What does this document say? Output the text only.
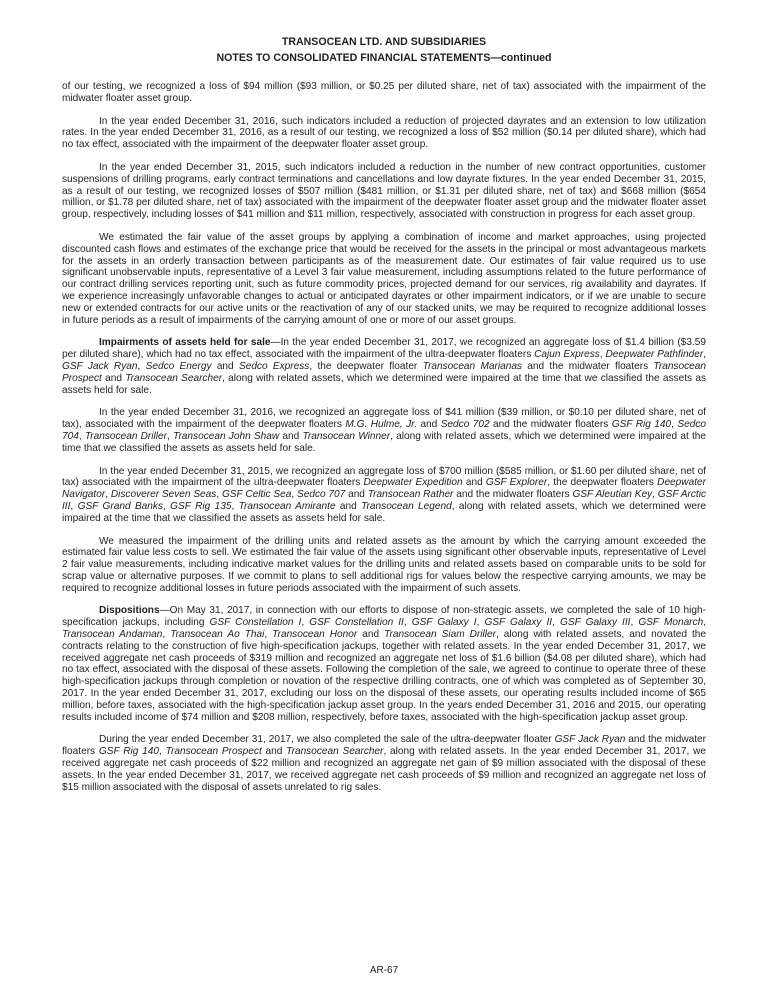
TRANSOCEAN LTD. AND SUBSIDIARIES
NOTES TO CONSOLIDATED FINANCIAL STATEMENTS—continued

of our testing, we recognized a loss of $94 million ($93 million, or $0.25 per diluted share, net of tax) associated with the impairment of the midwater floater asset group.

In the year ended December 31, 2016, such indicators included a reduction of projected dayrates and an extension to low utilization rates. In the year ended December 31, 2016, as a result of our testing, we recognized a loss of $52 million ($0.14 per diluted share), which had no tax effect, associated with the impairment of the deepwater floater asset group.

In the year ended December 31, 2015, such indicators included a reduction in the number of new contract opportunities, customer suspensions of drilling programs, early contract terminations and cancellations and low dayrate fixtures. In the year ended December 31, 2015, as a result of our testing, we recognized losses of $507 million ($481 million, or $1.31 per diluted share, net of tax) and $668 million ($654 million, or $1.78 per diluted share, net of tax) associated with the impairment of the deepwater floater asset group and the midwater floater asset group, respectively, including losses of $41 million and $11 million, respectively, associated with construction in progress for each asset group.

We estimated the fair value of the asset groups by applying a combination of income and market approaches, using projected discounted cash flows and estimates of the exchange price that would be received for the assets in the principal or most advantageous markets for the assets in an orderly transaction between participants as of the measurement date. Our estimates of fair value required us to use significant unobservable inputs, representative of a Level 3 fair value measurement, including assumptions related to the future performance of our contract drilling services reporting unit, such as future commodity prices, projected demand for our services, rig availability and dayrates. If we experience increasingly unfavorable changes to actual or anticipated dayrates or other impairment indicators, or if we are unable to secure new or extended contracts for our active units or the reactivation of any of our stacked units, we may be required to recognize additional losses in future periods as a result of impairments of the carrying amount of one or more of our asset groups.

Impairments of assets held for sale—In the year ended December 31, 2017, we recognized an aggregate loss of $1.4 billion ($3.59 per diluted share), which had no tax effect, associated with the impairment of the ultra-deepwater floaters Cajun Express, Deepwater Pathfinder, GSF Jack Ryan, Sedco Energy and Sedco Express, the deepwater floater Transocean Marianas and the midwater floaters Transocean Prospect and Transocean Searcher, along with related assets, which we determined were impaired at the time that we classified the assets as assets held for sale.

In the year ended December 31, 2016, we recognized an aggregate loss of $41 million ($39 million, or $0.10 per diluted share, net of tax), associated with the impairment of the deepwater floaters M.G. Hulme, Jr. and Sedco 702 and the midwater floaters GSF Rig 140, Sedco 704, Transocean Driller, Transocean John Shaw and Transocean Winner, along with related assets, which we determined were impaired at the time that we classified the assets as assets held for sale.

In the year ended December 31, 2015, we recognized an aggregate loss of $700 million ($585 million, or $1.60 per diluted share, net of tax) associated with the impairment of the ultra-deepwater floaters Deepwater Expedition and GSF Explorer, the deepwater floaters Deepwater Navigator, Discoverer Seven Seas, GSF Celtic Sea, Sedco 707 and Transocean Rather and the midwater floaters GSF Aleutian Key, GSF Arctic III, GSF Grand Banks, GSF Rig 135, Transocean Amirante and Transocean Legend, along with related assets, which we determined were impaired at the time that we classified the assets as assets held for sale.

We measured the impairment of the drilling units and related assets as the amount by which the carrying amount exceeded the estimated fair value less costs to sell. We estimated the fair value of the assets using significant other observable inputs, representative of Level 2 fair value measurements, including indicative market values for the drilling units and related assets based on comparable units to be sold for scrap value or alternative purposes. If we commit to plans to sell additional rigs for values below the respective carrying amounts, we may be required to recognize additional losses in future periods associated with the impairment of such assets.

Dispositions—On May 31, 2017, in connection with our efforts to dispose of non-strategic assets, we completed the sale of 10 high-specification jackups, including GSF Constellation I, GSF Constellation II, GSF Galaxy I, GSF Galaxy II, GSF Galaxy III, GSF Monarch, Transocean Andaman, Transocean Ao Thai, Transocean Honor and Transocean Siam Driller, along with related assets, and novated the contracts relating to the construction of five high-specification jackups, together with related assets. In the year ended December 31, 2017, we received aggregate net cash proceeds of $319 million and recognized an aggregate net loss of $1.6 billion ($4.08 per diluted share), which had no tax effect, associated with the disposal of these assets. Following the completion of the sale, we agreed to continue to operate three of these high-specification jackups through completion or novation of the respective drilling contracts, one of which was completed as of September 30, 2017. In the year ended December 31, 2017, excluding our loss on the disposal of these assets, our operating results included income of $65 million, before taxes, associated with the high-specification jackup asset group. In the years ended December 31, 2016 and 2015, our operating results included income of $74 million and $208 million, respectively, before taxes, associated with the high-specification jackup asset group.

During the year ended December 31, 2017, we also completed the sale of the ultra-deepwater floater GSF Jack Ryan and the midwater floaters GSF Rig 140, Transocean Prospect and Transocean Searcher, along with related assets. In the year ended December 31, 2017, we received aggregate net cash proceeds of $22 million and recognized an aggregate net gain of $9 million associated with the disposal of these assets. In the year ended December 31, 2017, we received aggregate net cash proceeds of $9 million and recognized an aggregate net loss of $15 million associated with the disposal of assets unrelated to rig sales.

AR-67
